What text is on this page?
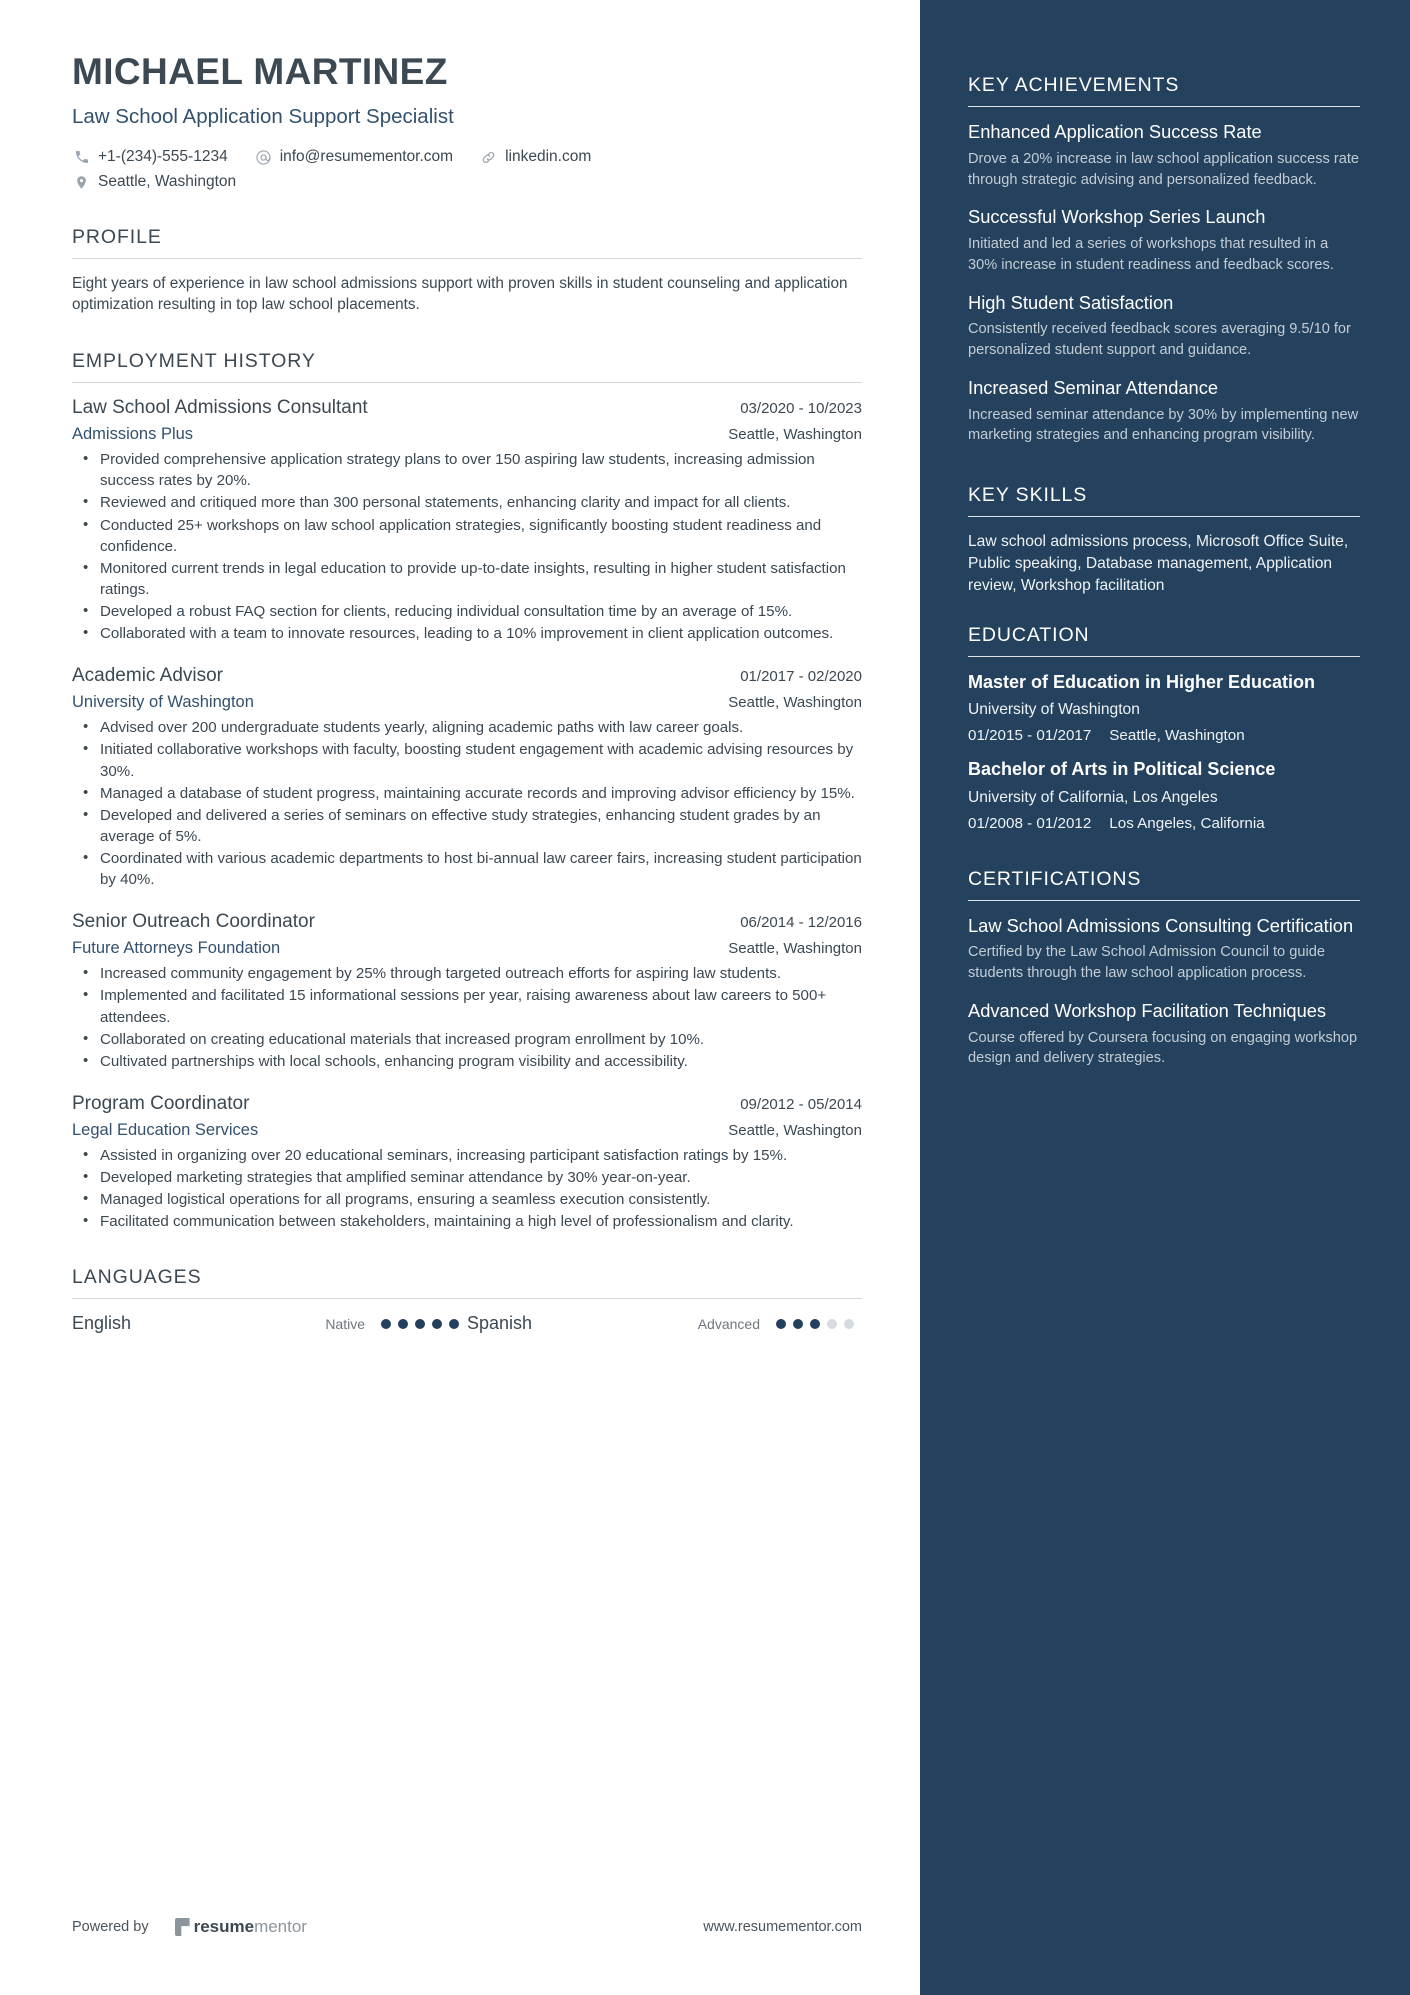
MICHAEL MARTINEZ
Law School Application Support Specialist
+1-(234)-555-1234	info@resumementor.com	linkedin.com
Seattle, Washington
PROFILE
Eight years of experience in law school admissions support with proven skills in student counseling and application optimization resulting in top law school placements.
EMPLOYMENT HISTORY
Law School Admissions Consultant	03/2020 - 10/2023
Admissions Plus	Seattle, Washington
• Provided comprehensive application strategy plans to over 150 aspiring law students, increasing admission success rates by 20%.
• Reviewed and critiqued more than 300 personal statements, enhancing clarity and impact for all clients.
• Conducted 25+ workshops on law school application strategies, significantly boosting student readiness and confidence.
• Monitored current trends in legal education to provide up-to-date insights, resulting in higher student satisfaction ratings.
• Developed a robust FAQ section for clients, reducing individual consultation time by an average of 15%.
• Collaborated with a team to innovate resources, leading to a 10% improvement in client application outcomes.
Academic Advisor	01/2017 - 02/2020
University of Washington	Seattle, Washington
• Advised over 200 undergraduate students yearly, aligning academic paths with law career goals.
• Initiated collaborative workshops with faculty, boosting student engagement with academic advising resources by 30%.
• Managed a database of student progress, maintaining accurate records and improving advisor efficiency by 15%.
• Developed and delivered a series of seminars on effective study strategies, enhancing student grades by an average of 5%.
• Coordinated with various academic departments to host bi-annual law career fairs, increasing student participation by 40%.
Senior Outreach Coordinator	06/2014 - 12/2016
Future Attorneys Foundation	Seattle, Washington
• Increased community engagement by 25% through targeted outreach efforts for aspiring law students.
• Implemented and facilitated 15 informational sessions per year, raising awareness about law careers to 500+ attendees.
• Collaborated on creating educational materials that increased program enrollment by 10%.
• Cultivated partnerships with local schools, enhancing program visibility and accessibility.
Program Coordinator	09/2012 - 05/2014
Legal Education Services	Seattle, Washington
• Assisted in organizing over 20 educational seminars, increasing participant satisfaction ratings by 15%.
• Developed marketing strategies that amplified seminar attendance by 30% year-on-year.
• Managed logistical operations for all programs, ensuring a seamless execution consistently.
• Facilitated communication between stakeholders, maintaining a high level of professionalism and clarity.
LANGUAGES
English	Native	Spanish	Advanced
Powered by	resume mentor	www.resumementor.com
KEY ACHIEVEMENTS
Enhanced Application Success Rate
Drove a 20% increase in law school application success rate through strategic advising and personalized feedback.
Successful Workshop Series Launch
Initiated and led a series of workshops that resulted in a 30% increase in student readiness and feedback scores.
High Student Satisfaction
Consistently received feedback scores averaging 9.5/10 for personalized student support and guidance.
Increased Seminar Attendance
Increased seminar attendance by 30% by implementing new marketing strategies and enhancing program visibility.
KEY SKILLS
Law school admissions process, Microsoft Office Suite, Public speaking, Database management, Application review, Workshop facilitation
EDUCATION
Master of Education in Higher Education
University of Washington
01/2015 - 01/2017 Seattle, Washington
Bachelor of Arts in Political Science
University of California, Los Angeles
01/2008 - 01/2012 Los Angeles, California
CERTIFICATIONS
Law School Admissions Consulting Certification
Certified by the Law School Admission Council to guide students through the law school application process.
Advanced Workshop Facilitation Techniques
Course offered by Coursera focusing on engaging workshop design and delivery strategies.
